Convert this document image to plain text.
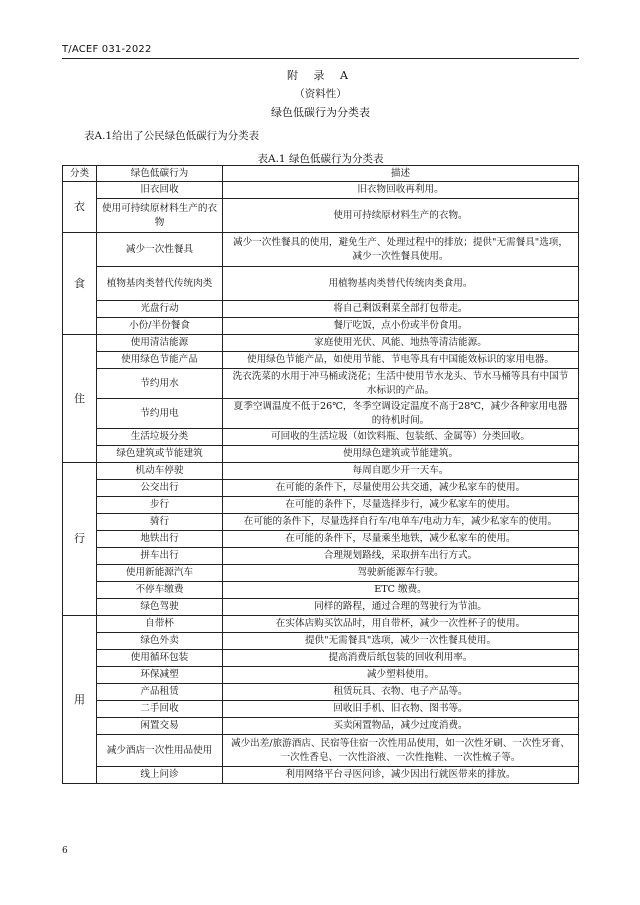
T/ACEF 031-2022
附 录 A
（资料性）
绿色低碳行为分类表
表A.1给出了公民绿色低碳行为分类表
表A.1 绿色低碳行为分类表
分类	绿色低碳行为	描述
衣	旧衣回收	旧衣物回收再利用。
	使用可持续原材料生产的衣物	使用可持续原材料生产的衣物。
食	减少一次性餐具	减少一次性餐具的使用，避免生产、处理过程中的排放；提供"无需餐具"选项，减少一次性餐具使用。
	植物基肉类替代传统肉类	用植物基肉类替代传统肉类食用。
	光盘行动	将自己剩饭剩菜全部打包带走。
	小份/半份餐食	餐厅吃饭，点小份或半份食用。
住	使用清洁能源	家庭使用光伏、风能、地热等清洁能源。
	使用绿色节能产品	使用绿色节能产品，如使用节能、节电等具有中国能效标识的家用电器。
	节约用水	洗衣洗菜的水用于冲马桶或浇花；生活中使用节水龙头、节水马桶等具有中国节水标识的产品。
	节约用电	夏季空调温度不低于26℃，冬季空调设定温度不高于28℃，减少各种家用电器的待机时间。
	生活垃圾分类	可回收的生活垃圾（如饮料瓶、包装纸、金属等）分类回收。
	绿色建筑或节能建筑	使用绿色建筑或节能建筑。
行	机动车停驶	每周自愿少开一天车。
	公交出行	在可能的条件下，尽量使用公共交通，减少私家车的使用。
	步行	在可能的条件下，尽量选择步行，减少私家车的使用。
	骑行	在可能的条件下，尽量选择自行车/电单车/电动力车，减少私家车的使用。
	地铁出行	在可能的条件下，尽量乘坐地铁，减少私家车的使用。
	拼车出行	合理规划路线，采取拼车出行方式。
	使用新能源汽车	驾驶新能源车行驶。
	不停车缴费	ETC 缴费。
	绿色驾驶	同样的路程，通过合理的驾驶行为节油。
用	自带杯	在实体店购买饮品时，用自带杯，减少一次性杯子的使用。
	绿色外卖	提供"无需餐具"选项，减少一次性餐具使用。
	使用循环包装	提高消费后纸包装的回收利用率。
	环保减塑	减少塑料使用。
	产品租赁	租赁玩具、衣物、电子产品等。
	二手回收	回收旧手机、旧衣物、图书等。
	闲置交易	买卖闲置物品，减少过度消费。
	减少酒店一次性用品使用	减少出差/旅游酒店、民宿等住宿一次性用品使用，如一次性牙刷、一次性牙膏、一次性香皂、一次性浴液、一次性拖鞋、一次性梳子等。
	线上问诊	利用网络平台寻医问诊，减少因出行就医带来的排放。
6
